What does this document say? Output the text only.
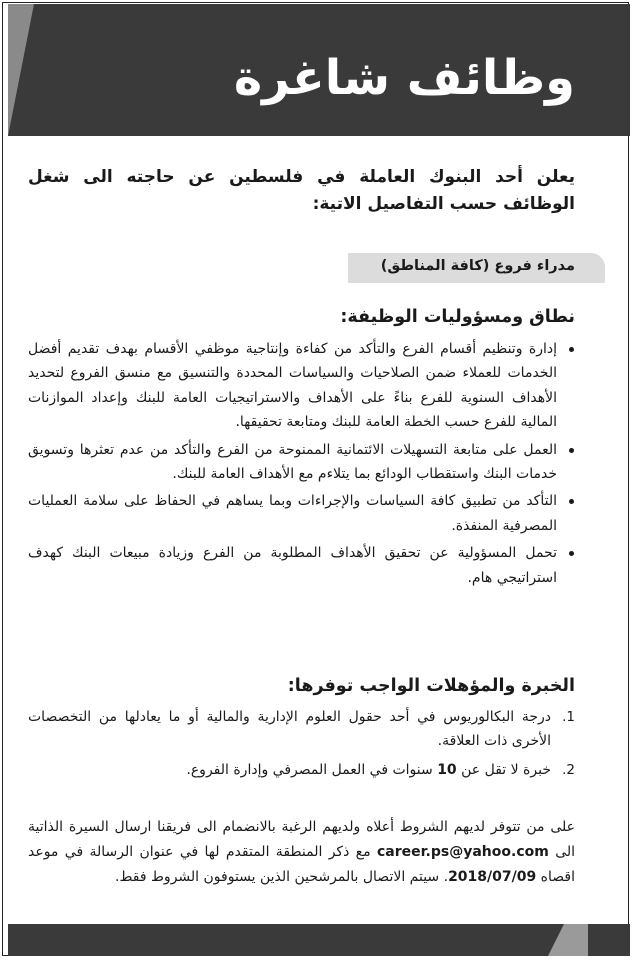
وظائف شاغرة
يعلن أحد البنوك العاملة في فلسطين عن حاجته الى شغل الوظائف حسب التفاصيل الاتية:
مدراء فروع (كافة المناطق)
نطاق ومسؤوليات الوظيفة:
إدارة وتنظيم أقسام الفرع والتأكد من كفاءة وإنتاجية موظفي الأقسام بهدف تقديم أفضل الخدمات للعملاء ضمن الصلاحيات والسياسات المحددة والتنسيق مع منسق الفروع لتحديد الأهداف السنوية للفرع بناءً على الأهداف والاستراتيجيات العامة للبنك وإعداد الموازنات المالية للفرع حسب الخطة العامة للبنك ومتابعة تحقيقها.
العمل على متابعة التسهيلات الائتمانية الممنوحة من الفرع والتأكد من عدم تعثرها وتسويق خدمات البنك واستقطاب الودائع بما يتلاءم مع الأهداف العامة للبنك.
التأكد من تطبيق كافة السياسات والإجراءات وبما يساهم في الحفاظ على سلامة العمليات المصرفية المنفذة.
تحمل المسؤولية عن تحقيق الأهداف المطلوبة من الفرع وزيادة مبيعات البنك كهدف استراتيجي هام.
الخبرة والمؤهلات الواجب توفرها:
1.
درجة البكالوريوس في أحد حقول العلوم الإدارية والمالية أو ما يعادلها من التخصصات الأخرى ذات العلاقة.
2.
خبرة لا تقل عن 10 سنوات في العمل المصرفي وإدارة الفروع.
على من تتوفر لديهم الشروط أعلاه ولديهم الرغبة بالانضمام الى فريقنا ارسال السيرة الذاتية الى career.ps@yahoo.com مع ذكر المنطقة المتقدم لها في عنوان الرسالة في موعد اقصاه 2018/07/09. سيتم الاتصال بالمرشحين الذين يستوفون الشروط فقط.
